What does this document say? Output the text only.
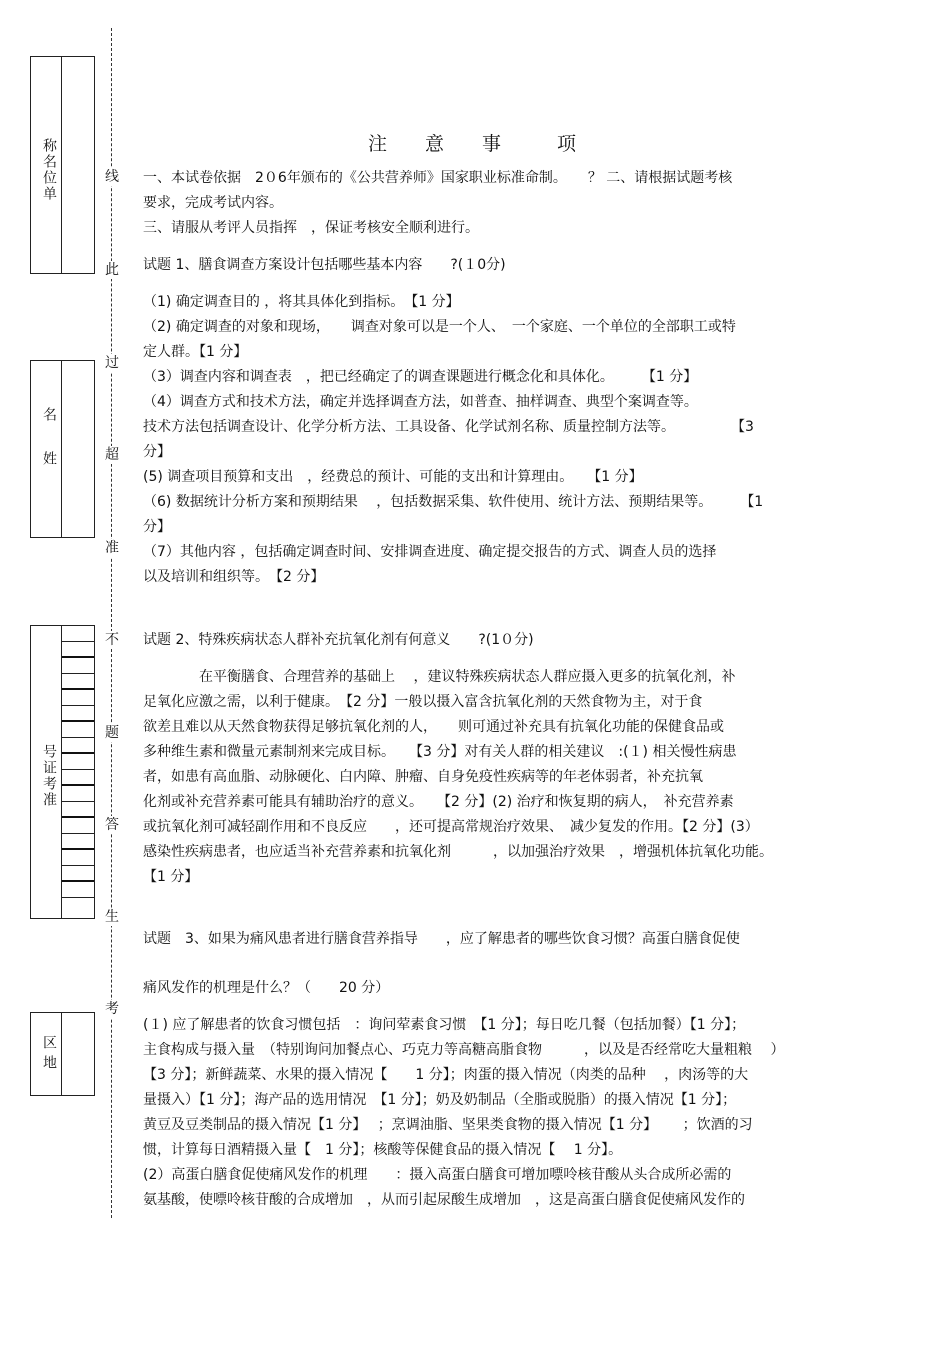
称名位单
名姓
号证考准
区地
线
此
过
超
准
不
题
答
生
考
注 意 事	项

一、本试卷依据　2０6年颁布的《公共营养师》国家职业标准命制。　　？ 二、请根据试题考核

要求，完成考试内容。

三、请服从考评人员指挥　，保证考核安全顺利进行。

试题 1、膳食调查方案设计包括哪些基本内容　　?(１0分)

（1) 确定调查目的 ，将其具体化到指标。　【1 分】

（2) 确定调查的对象和现场，　　调查对象可以是一个人、　一个家庭、一个单位的全部职工或特

定人群。【1 分】

（3）调查内容和调查表　，把已经确定了的调查课题进行概念化和具体化。　　　【1 分】

（4）调查方式和技术方法，确定并选择调查方法，如普查、抽样调查、典型个案调查等。

技术方法包括调查设计、化学分析方法、工具设备、化学试剂名称、质量控制方法等。　　　　　【3

分】

(5) 调查项目预算和支出　，经费总的预计、可能的支出和计算理由。　　【1 分】

（6) 数据统计分析方案和预期结果　 ，包括数据采集、软件使用、统计方法、预期结果等。　　　【1

分】

（7）其他内容 ，包括确定调查时间、安排调查进度、确定提交报告的方式、调查人员的选择

以及培训和组织等。　【2 分】

试题 2、特殊疾病状态人群补充抗氧化剂有何意义　　?(1０分)

　　　　在平衡膳食、合理营养的基础上　 ，建议特殊疾病状态人群应摄入更多的抗氧化剂，补

足氧化应激之需，以利于健康。　【2 分】一般以摄入富含抗氧化剂的天然食物为主，对于食

欲差且难以从天然食物获得足够抗氧化剂的人，　　则可通过补充具有抗氧化功能的保健食品或

多种维生素和微量元素制剂来完成目标。　　【3 分】对有关人群的相关建议　:(１) 相关慢性病患

者，如患有高血脂、动脉硬化、白内障、肿瘤、自身免疫性疾病等的年老体弱者，补充抗氧

化剂或补充营养素可能具有辅助治疗的意义。　　【2 分】(2) 治疗和恢复期的病人，　补充营养素

或抗氧化剂可减轻副作用和不良反应　　，还可提高常规治疗效果、　减少复发的作用。【2 分】(3）

感染性疾病患者，也应适当补充营养素和抗氧化剂　　　，以加强治疗效果　，增强机体抗氧化功能。

【1 分】

试题　3、如果为痛风患者进行膳食营养指导　　，应了解患者的哪些饮食习惯？高蛋白膳食促使

痛风发作的机理是什么？（　　20 分）

(１) 应了解患者的饮食习惯包括　：询问荤素食习惯　【1 分】；每日吃几餐（包括加餐）【1 分】；

主食构成与摄入量　（特别询问加餐点心、巧克力等高糖高脂食物　　　，以及是否经常吃大量粗粮　 ）

【3 分】；新鲜蔬菜、水果的摄入情况【　　1 分】；肉蛋的摄入情况（肉类的品种　 ，肉汤等的大

量摄入）【1 分】；海产品的选用情况　【1 分】；奶及奶制品（全脂或脱脂）的摄入情况【1 分】；

黄豆及豆类制品的摄入情况【1 分】　 ；烹调油脂、坚果类食物的摄入情况【1 分】　　 ；饮酒的习

惯，计算每日酒精摄入量【　1 分】；核酸等保健食品的摄入情况【　 1 分】。

(2）高蛋白膳食促使痛风发作的机理　　：摄入高蛋白膳食可增加嘌呤核苷酸从头合成所必需的

氨基酸，使嘌呤核苷酸的合成增加　，从而引起尿酸生成增加　，这是高蛋白膳食促使痛风发作的
